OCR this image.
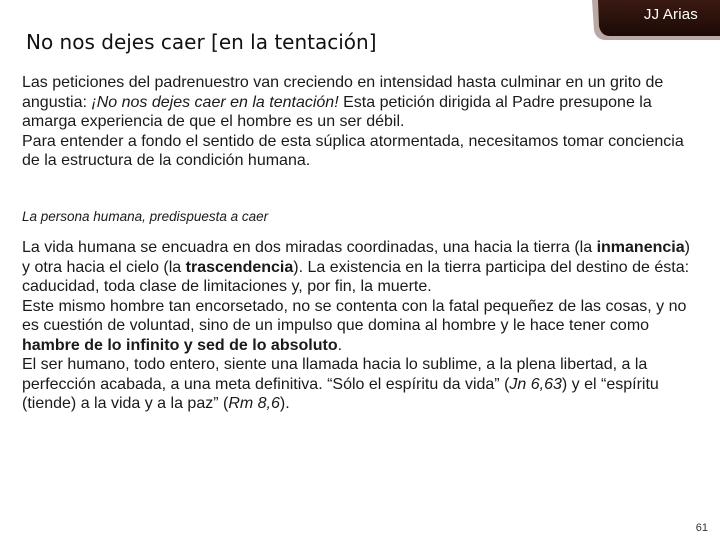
JJ Arias
No nos dejes caer [en la tentación]

Las peticiones del padrenuestro van creciendo en intensidad hasta culminar en un grito de angustia: ¡No nos dejes caer en la tentación! Esta petición dirigida al Padre presupone la amarga experiencia de que el hombre es un ser débil.
Para entender a fondo el sentido de esta súplica atormentada, necesitamos tomar conciencia de la estructura de la condición humana.

La persona humana, predispuesta a caer

La vida humana se encuadra en dos miradas coordinadas, una hacia la tierra (la inmanencia) y otra hacia el cielo (la trascendencia). La existencia en la tierra participa del destino de ésta: caducidad, toda clase de limitaciones y, por fin, la muerte.
Este mismo hombre tan encorsetado, no se contenta con la fatal pequeñez de las cosas, y no es cuestión de voluntad, sino de un impulso que domina al hombre y le hace tener como hambre de lo infinito y sed de lo absoluto.
El ser humano, todo entero, siente una llamada hacia lo sublime, a la plena libertad, a la perfección acabada, a una meta definitiva. “Sólo el espíritu da vida” (Jn 6,63) y el “espíritu (tiende) a la vida y a la paz” (Rm 8,6).

61
